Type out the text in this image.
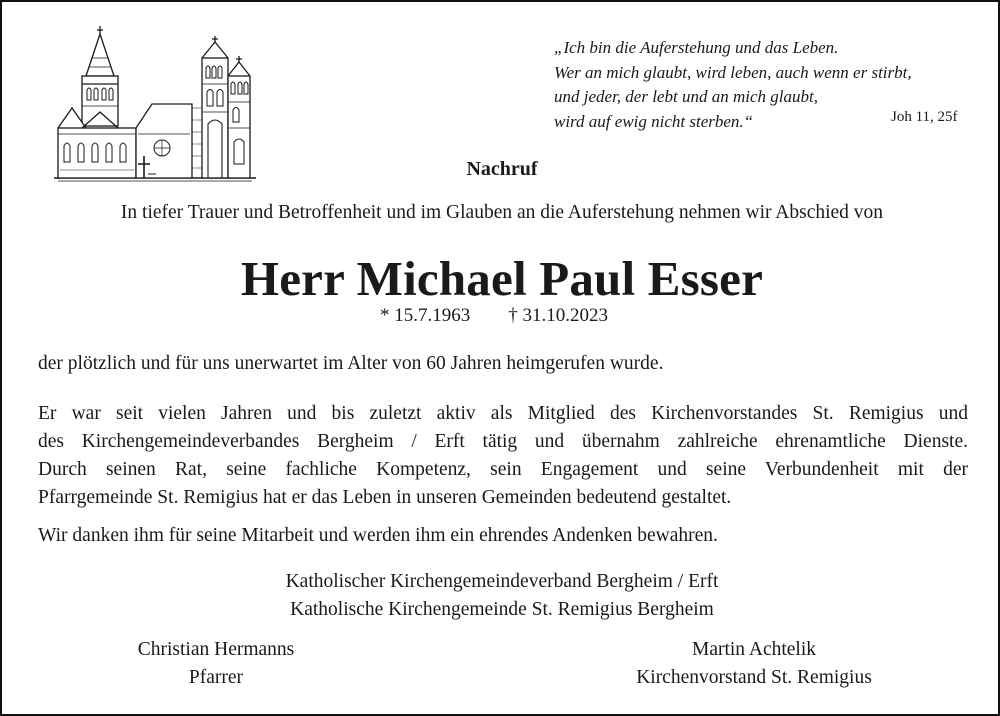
„Ich bin die Auferstehung und das Leben.
Wer an mich glaubt, wird leben, auch wenn er stirbt,
und jeder, der lebt und an mich glaubt,
wird auf ewig nicht sterben.“	Joh 11, 25f
Nachruf
In tiefer Trauer und Betroffenheit und im Glauben an die Auferstehung nehmen wir Abschied von
Herr Michael Paul Esser
* 15.7.1963 † 31.10.2023
der plötzlich und für uns unerwartet im Alter von 60 Jahren heimgerufen wurde.
Er war seit vielen Jahren und bis zuletzt aktiv als Mitglied des Kirchenvorstandes St. Remigius und
des Kirchengemeindeverbandes Bergheim / Erft tätig und übernahm zahlreiche ehrenamtliche Dienste.
Durch seinen Rat, seine fachliche Kompetenz, sein Engagement und seine Verbundenheit mit der
Pfarrgemeinde St. Remigius hat er das Leben in unseren Gemeinden bedeutend gestaltet.
Wir danken ihm für seine Mitarbeit und werden ihm ein ehrendes Andenken bewahren.
Katholischer Kirchengemeindeverband Bergheim / Erft
Katholische Kirchengemeinde St. Remigius Bergheim
Christian Hermanns
Pfarrer
Martin Achtelik
Kirchenvorstand St. Remigius
